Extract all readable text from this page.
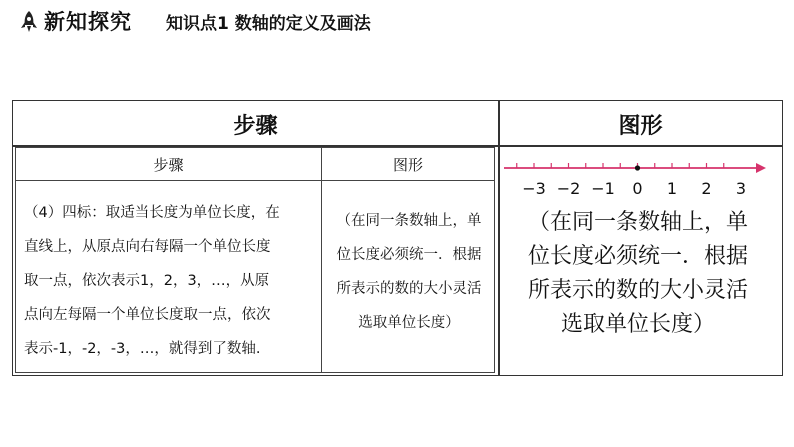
新知探究 知识点1 数轴的定义及画法
步骤	图形
步骤	图形
（4）四标：取适当长度为单位长度，在
直线上，从原点向右每隔一个单位长度
取一点，依次表示1，2，3，…，从原
点向左每隔一个单位长度取一点，依次
表示-1，-2，-3，…，就得到了数轴.
（在同一条数轴上，单
位长度必须统一．根据
所表示的数的大小灵活
选取单位长度）
−3 −2 −1 0 1 2 3
（在同一条数轴上，单
位长度必须统一．根据
所表示的数的大小灵活
选取单位长度）
